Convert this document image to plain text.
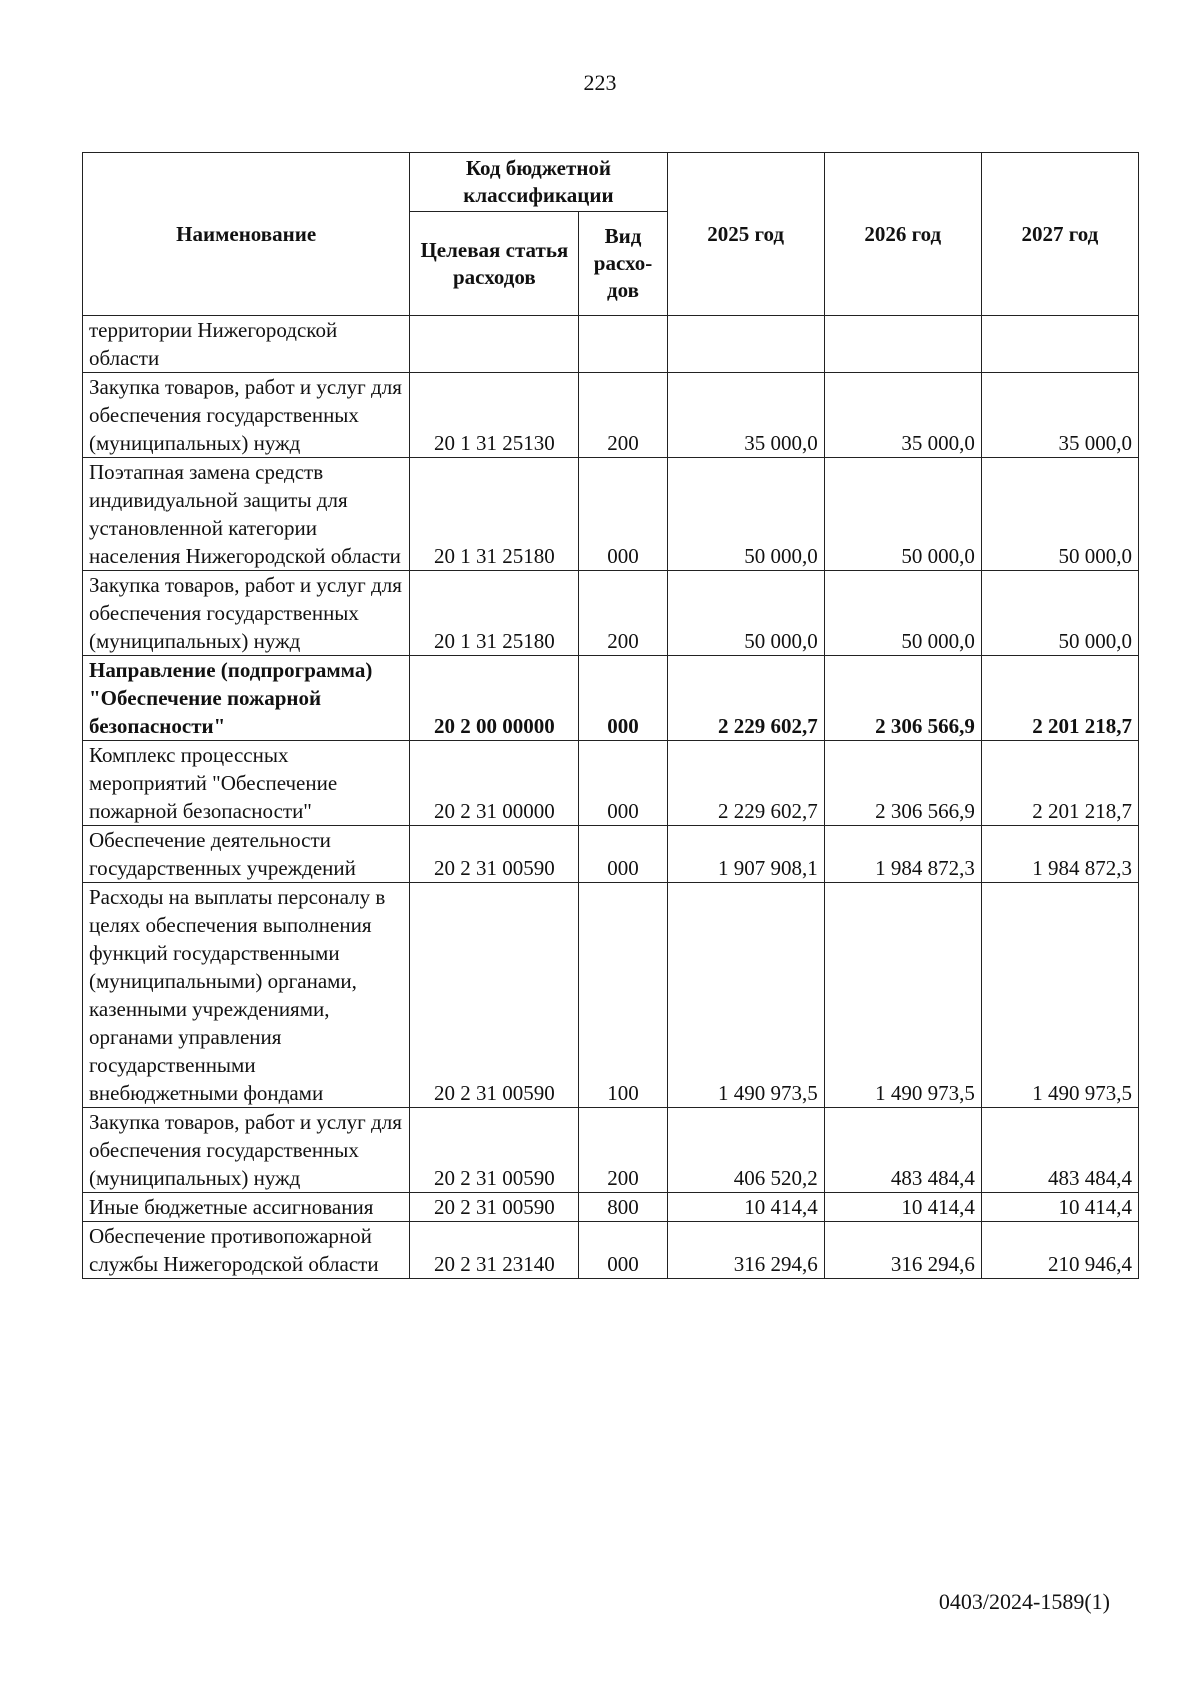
223
Наименование	Код бюджетной классификации		2025 год	2026 год	2027 год
	Целевая статья расходов	Вид расхо-дов			
территории Нижегородской области					
Закупка товаров, работ и услуг для обеспечения государственных (муниципальных) нужд	20 1 31 25130	200	35 000,0	35 000,0	35 000,0
Поэтапная замена средств индивидуальной защиты для установленной категории населения Нижегородской области	20 1 31 25180	000	50 000,0	50 000,0	50 000,0
Закупка товаров, работ и услуг для обеспечения государственных (муниципальных) нужд	20 1 31 25180	200	50 000,0	50 000,0	50 000,0
Направление (подпрограмма) "Обеспечение пожарной безопасности"	20 2 00 00000	000	2 229 602,7	2 306 566,9	2 201 218,7
Комплекс процессных мероприятий "Обеспечение пожарной безопасности"	20 2 31 00000	000	2 229 602,7	2 306 566,9	2 201 218,7
Обеспечение деятельности государственных учреждений	20 2 31 00590	000	1 907 908,1	1 984 872,3	1 984 872,3
Расходы на выплаты персоналу в целях обеспечения выполнения функций государственными (муниципальными) органами, казенными учреждениями, органами управления государственными внебюджетными фондами	20 2 31 00590	100	1 490 973,5	1 490 973,5	1 490 973,5
Закупка товаров, работ и услуг для обеспечения государственных (муниципальных) нужд	20 2 31 00590	200	406 520,2	483 484,4	483 484,4
Иные бюджетные ассигнования	20 2 31 00590	800	10 414,4	10 414,4	10 414,4
Обеспечение противопожарной службы Нижегородской области	20 2 31 23140	000	316 294,6	316 294,6	210 946,4
0403/2024-1589(1)
